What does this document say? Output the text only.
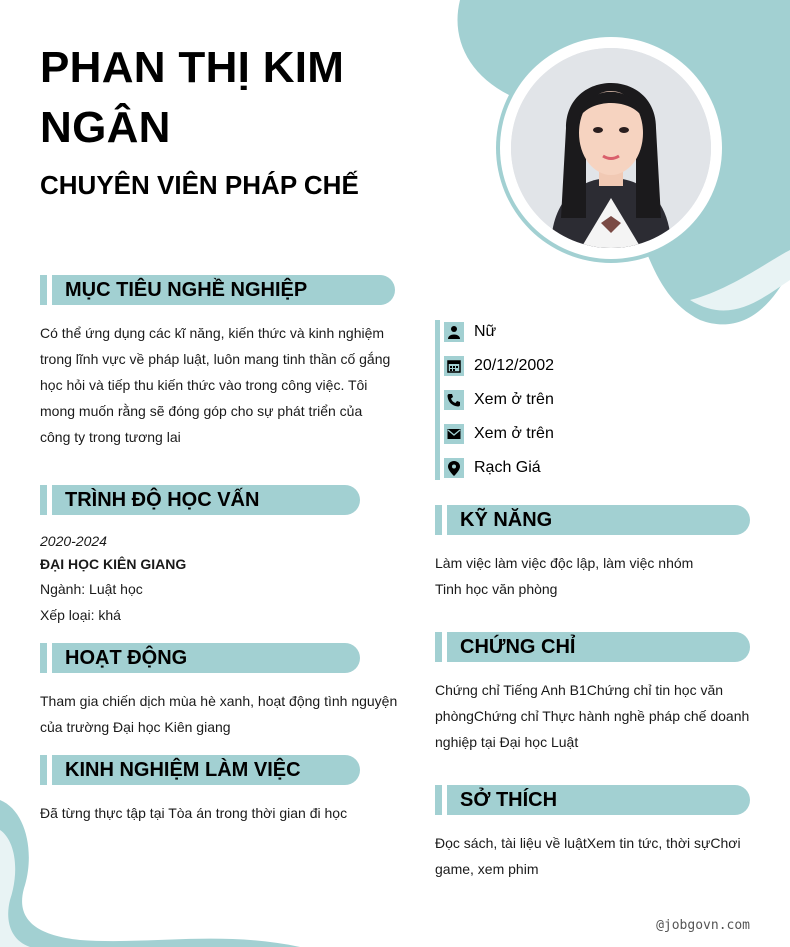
PHAN THỊ KIM NGÂN
CHUYÊN VIÊN PHÁP CHẾ
MỤC TIÊU NGHỀ NGHIỆP
Có thể ứng dụng các kĩ năng, kiến thức và kinh nghiệm trong lĩnh vực về pháp luật, luôn mang tinh thần cố gắng học hỏi và tiếp thu kiến thức vào trong công việc. Tôi mong muốn rằng sẽ đóng góp cho sự phát triển của công ty trong tương lai
TRÌNH ĐỘ HỌC VẤN
2020-2024
ĐẠI HỌC KIÊN GIANG
Ngành: Luật học
Xếp loại: khá
HOẠT ĐỘNG
Tham gia chiến dịch mùa hè xanh, hoạt động tình nguyện của trường Đại học Kiên giang
KINH NGHIỆM LÀM VIỆC
Đã từng thực tập tại Tòa án trong thời gian đi học
Nữ
20/12/2002
Xem ở trên
Xem ở trên
Rạch Giá
KỸ NĂNG
Làm việc làm việc độc lập, làm việc nhóm
Tinh học văn phòng
CHỨNG CHỈ
Chứng chỉ Tiếng Anh B1Chứng chỉ tin học văn phòngChứng chỉ Thực hành nghề pháp chế doanh nghiệp tại Đại học Luật
SỞ THÍCH
Đọc sách, tài liệu về luậtXem tin tức, thời sựChơi game, xem phim
@jobgovn.com
